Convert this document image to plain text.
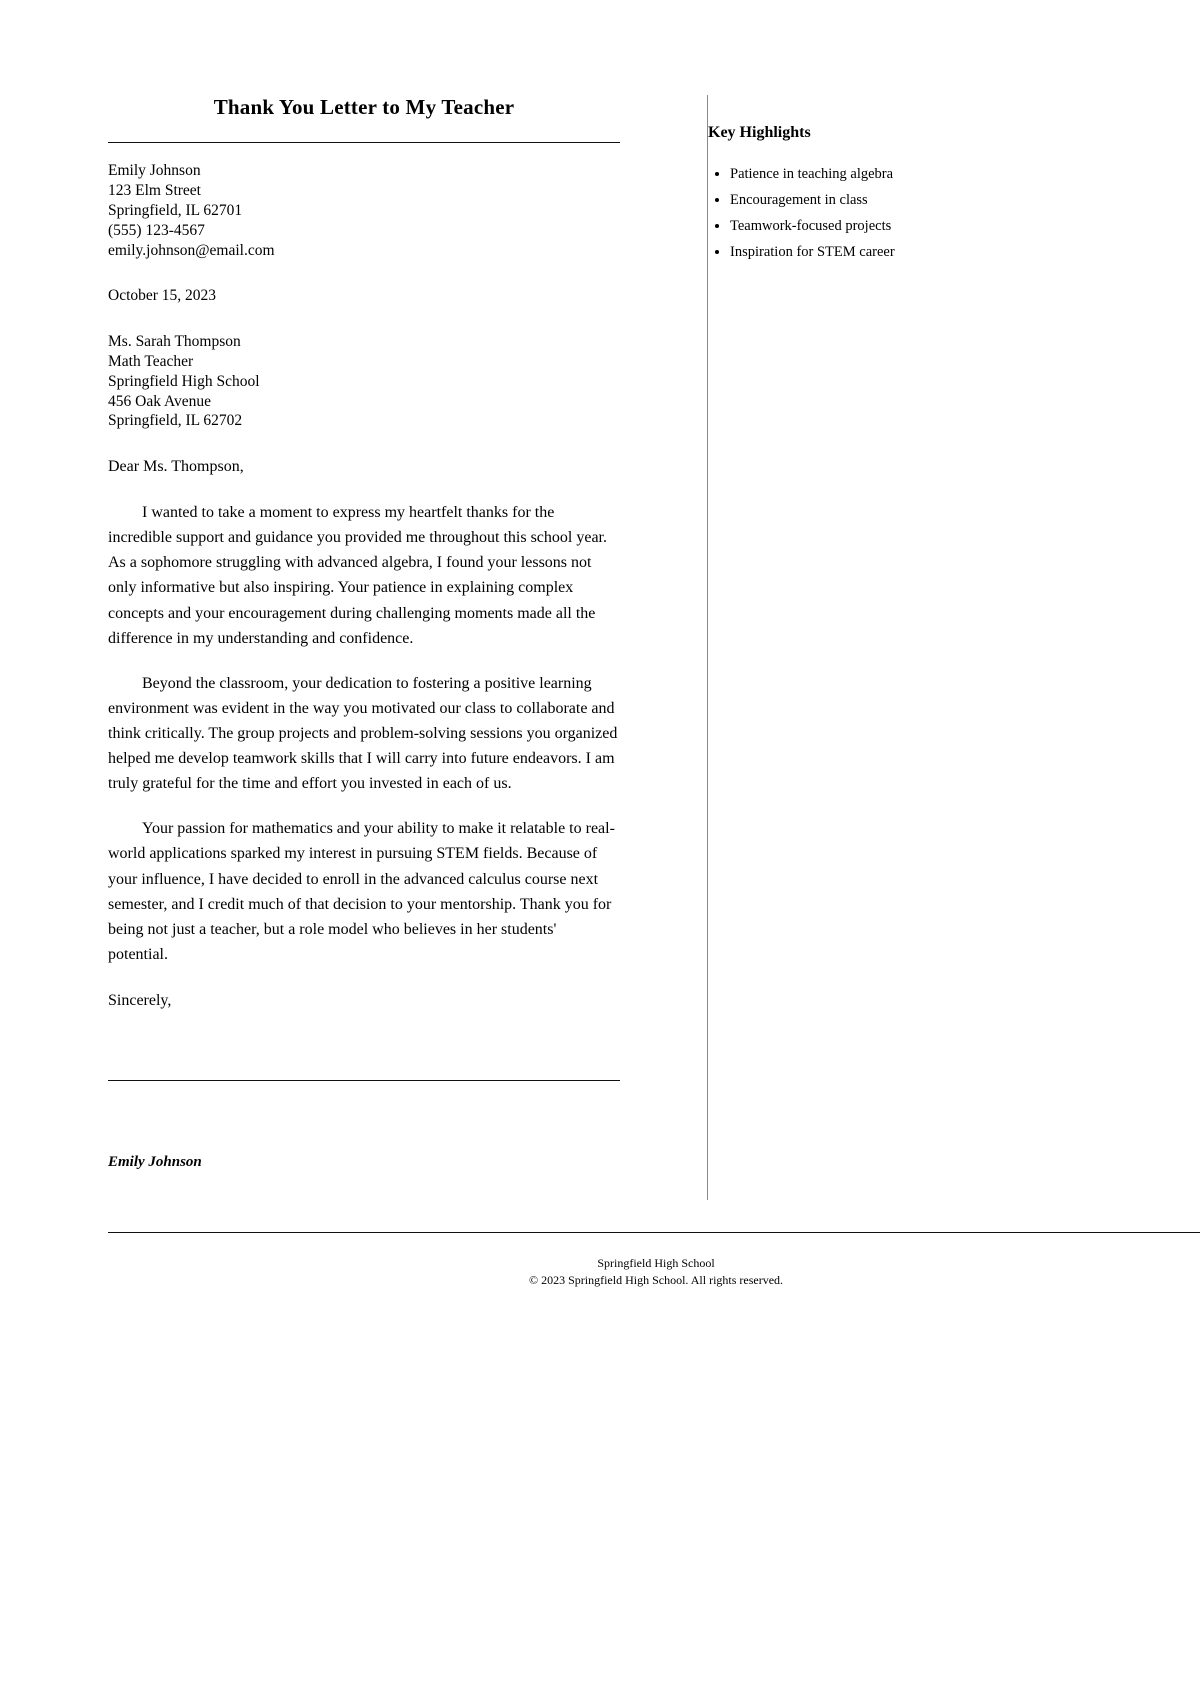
Thank You Letter to My Teacher
Emily Johnson
123 Elm Street
Springfield, IL 62701
(555) 123-4567
emily.johnson@email.com
October 15, 2023
Ms. Sarah Thompson
Math Teacher
Springfield High School
456 Oak Avenue
Springfield, IL 62702
Dear Ms. Thompson,

I wanted to take a moment to express my heartfelt thanks for the incredible support and guidance you provided me throughout this school year. As a sophomore struggling with advanced algebra, I found your lessons not only informative but also inspiring. Your patience in explaining complex concepts and your encouragement during challenging moments made all the difference in my understanding and confidence.

Beyond the classroom, your dedication to fostering a positive learning environment was evident in the way you motivated our class to collaborate and think critically. The group projects and problem-solving sessions you organized helped me develop teamwork skills that I will carry into future endeavors. I am truly grateful for the time and effort you invested in each of us.

Your passion for mathematics and your ability to make it relatable to real-world applications sparked my interest in pursuing STEM fields. Because of your influence, I have decided to enroll in the advanced calculus course next semester, and I credit much of that decision to your mentorship. Thank you for being not just a teacher, but a role model who believes in her students' potential.

Sincerely,
Emily Johnson
Key Highlights
• Patience in teaching algebra
• Encouragement in class
• Teamwork-focused projects
• Inspiration for STEM career
Springfield High School
© 2023 Springfield High School. All rights reserved.
